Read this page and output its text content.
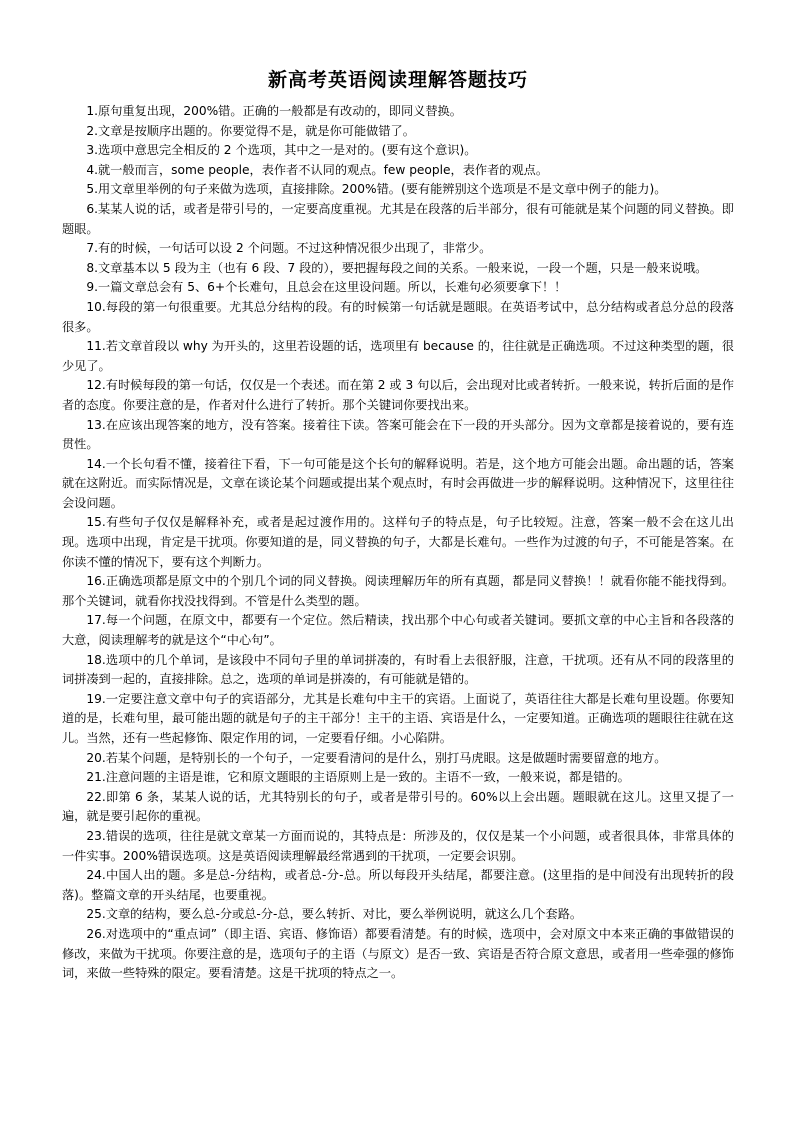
新高考英语阅读理解答题技巧

1.原句重复出现，200%错。正确的一般都是有改动的，即同义替换。

2.文章是按顺序出题的。你要觉得不是，就是你可能做错了。

3.选项中意思完全相反的 2 个选项，其中之一是对的。(要有这个意识)。

4.就一般而言，some people，表作者不认同的观点。few people，表作者的观点。

5.用文章里举例的句子来做为选项，直接排除。200%错。(要有能辨别这个选项是不是文章中例子的能力)。

6.某某人说的话，或者是带引号的，一定要高度重视。尤其是在段落的后半部分，很有可能就是某个问题的同义替换。即题眼。

7.有的时候，一句话可以设 2 个问题。不过这种情况很少出现了，非常少。

8.文章基本以 5 段为主（也有 6 段、7 段的），要把握每段之间的关系。一般来说，一段一个题，只是一般来说哦。

9.一篇文章总会有 5、6+个长难句，且总会在这里设问题。所以，长难句必须要拿下！！

10.每段的第一句很重要。尤其总分结构的段。有的时候第一句话就是题眼。在英语考试中，总分结构或者总分总的段落很多。

11.若文章首段以 why 为开头的，这里若设题的话，选项里有 because 的，往往就是正确选项。不过这种类型的题，很少见了。

12.有时候每段的第一句话，仅仅是一个表述。而在第 2 或 3 句以后，会出现对比或者转折。一般来说，转折后面的是作者的态度。你要注意的是，作者对什么进行了转折。那个关键词你要找出来。

13.在应该出现答案的地方，没有答案。接着往下读。答案可能会在下一段的开头部分。因为文章都是接着说的，要有连贯性。

14.一个长句看不懂，接着往下看，下一句可能是这个长句的解释说明。若是，这个地方可能会出题。命出题的话，答案就在这附近。而实际情况是，文章在谈论某个问题或提出某个观点时，有时会再做进一步的解释说明。这种情况下，这里往往会设问题。

15.有些句子仅仅是解释补充，或者是起过渡作用的。这样句子的特点是，句子比较短。注意，答案一般不会在这儿出现。选项中出现，肯定是干扰项。你要知道的是，同义替换的句子，大都是长难句。一些作为过渡的句子，不可能是答案。在你读不懂的情况下，要有这个判断力。

16.正确选项都是原文中的个别几个词的同义替换。阅读理解历年的所有真题，都是同义替换！！就看你能不能找得到。那个关键词，就看你找没找得到。不管是什么类型的题。

17.每一个问题，在原文中，都要有一个定位。然后精读，找出那个中心句或者关键词。要抓文章的中心主旨和各段落的大意，阅读理解考的就是这个“中心句”。

18.选项中的几个单词，是该段中不同句子里的单词拼凑的，有时看上去很舒服，注意，干扰项。还有从不同的段落里的词拼凑到一起的，直接排除。总之，选项的单词是拼凑的，有可能就是错的。

19.一定要注意文章中句子的宾语部分，尤其是长难句中主干的宾语。上面说了，英语往往大都是长难句里设题。你要知道的是，长难句里，最可能出题的就是句子的主干部分！主干的主语、宾语是什么，一定要知道。正确选项的题眼往往就在这儿。当然，还有一些起修饰、限定作用的词，一定要看仔细。小心陷阱。

20.若某个问题，是特别长的一个句子，一定要看清问的是什么，别打马虎眼。这是做题时需要留意的地方。

21.注意问题的主语是谁，它和原文题眼的主语原则上是一致的。主语不一致，一般来说，都是错的。

22.即第 6 条，某某人说的话，尤其特别长的句子，或者是带引号的。60%以上会出题。题眼就在这儿。这里又提了一遍，就是要引起你的重视。

23.错误的选项，往往是就文章某一方面而说的，其特点是：所涉及的，仅仅是某一个小问题，或者很具体，非常具体的一件实事。200%错误选项。这是英语阅读理解最经常遇到的干扰项，一定要会识别。

24.中国人出的题。多是总-分结构，或者总-分-总。所以每段开头结尾，都要注意。(这里指的是中间没有出现转折的段落)。整篇文章的开头结尾，也要重视。

25.文章的结构，要么总-分或总-分-总，要么转折、对比，要么举例说明，就这么几个套路。

26.对选项中的“重点词”（即主语、宾语、修饰语）都要看清楚。有的时候，选项中，会对原文中本来正确的事做错误的修改，来做为干扰项。你要注意的是，选项句子的主语（与原文）是否一致、宾语是否符合原文意思，或者用一些牵强的修饰词，来做一些特殊的限定。要看清楚。这是干扰项的特点之一。
